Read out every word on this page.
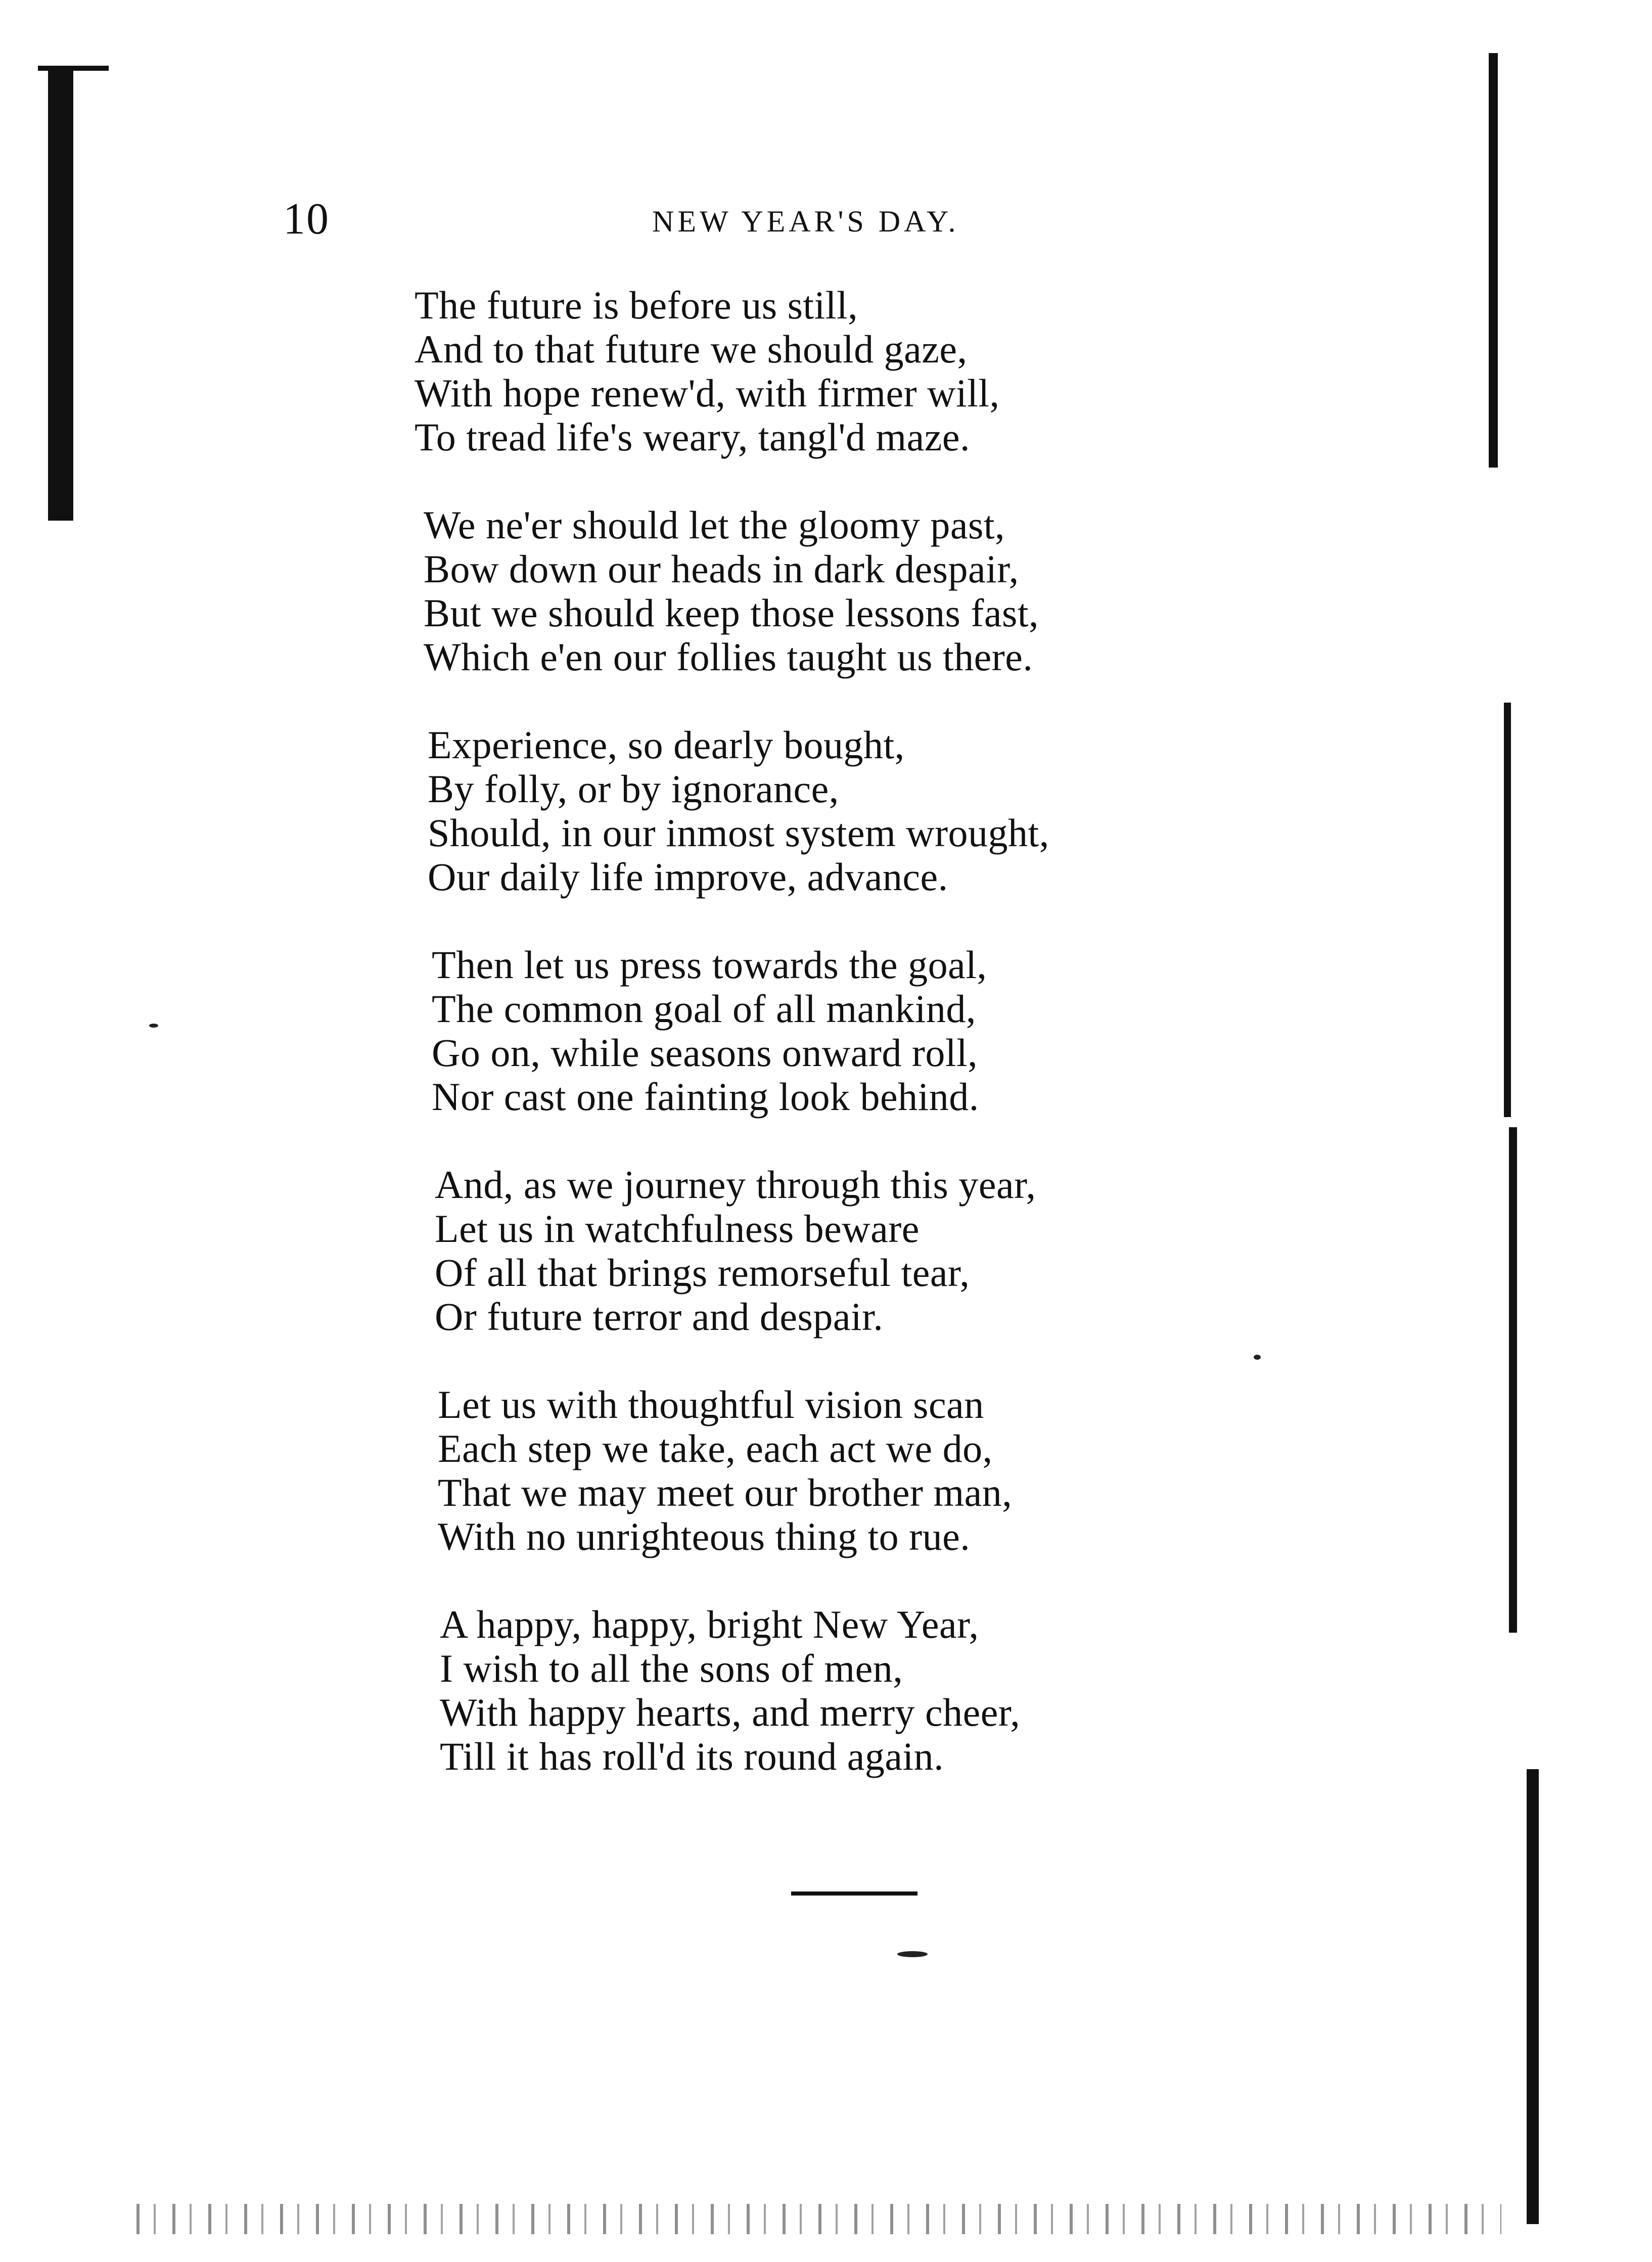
10	NEW YEAR'S DAY.
The future is before us still,
And to that future we should gaze,
With hope renew'd, with firmer will,
To tread life's weary, tangl'd maze.
We ne'er should let the gloomy past,
Bow down our heads in dark despair,
But we should keep those lessons fast,
Which e'en our follies taught us there.
Experience, so dearly bought,
By folly, or by ignorance,
Should, in our inmost system wrought,
Our daily life improve, advance.
Then let us press towards the goal,
The common goal of all mankind,
Go on, while seasons onward roll,
Nor cast one fainting look behind.
And, as we journey through this year,
Let us in watchfulness beware
Of all that brings remorseful tear,
Or future terror and despair.
Let us with thoughtful vision scan
Each step we take, each act we do,
That we may meet our brother man,
With no unrighteous thing to rue.
A happy, happy, bright New Year,
I wish to all the sons of men,
With happy hearts, and merry cheer,
Till it has roll'd its round again.
